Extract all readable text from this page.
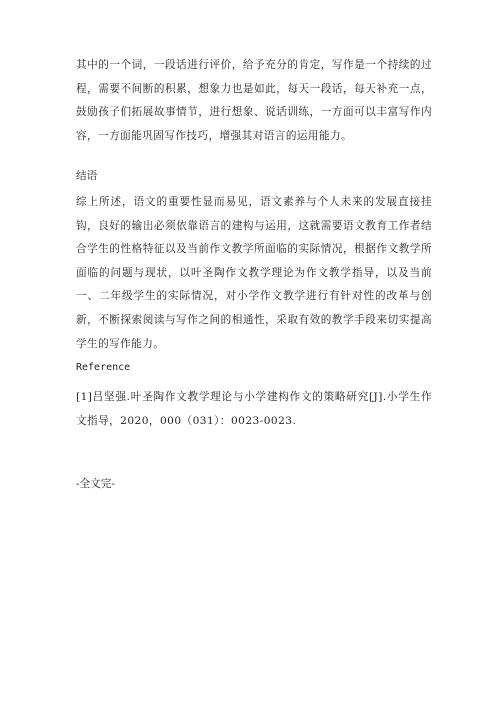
其中的一个词，一段话进行评价，给予充分的肯定，写作是一个持续的过程，需要不间断的积累，想象力也是如此，每天一段话，每天补充一点，鼓励孩子们拓展故事情节，进行想象、说话训练，一方面可以丰富写作内容，一方面能巩固写作技巧，增强其对语言的运用能力。

结语

综上所述，语文的重要性显而易见，语文素养与个人未来的发展直接挂钩，良好的输出必须依靠语言的建构与运用，这就需要语文教育工作者结合学生的性格特征以及当前作文教学所面临的实际情况，根据作文教学所面临的问题与现状，以叶圣陶作文教学理论为作文教学指导，以及当前一、二年级学生的实际情况，对小学作文教学进行有针对性的改革与创新，不断探索阅读与写作之间的相通性，采取有效的教学手段来切实提高学生的写作能力。

Reference

[1]吕坚强.叶圣陶作文教学理论与小学建构作文的策略研究[J].小学生作文指导，2020，000（031）：0023-0023.

-全文完-
